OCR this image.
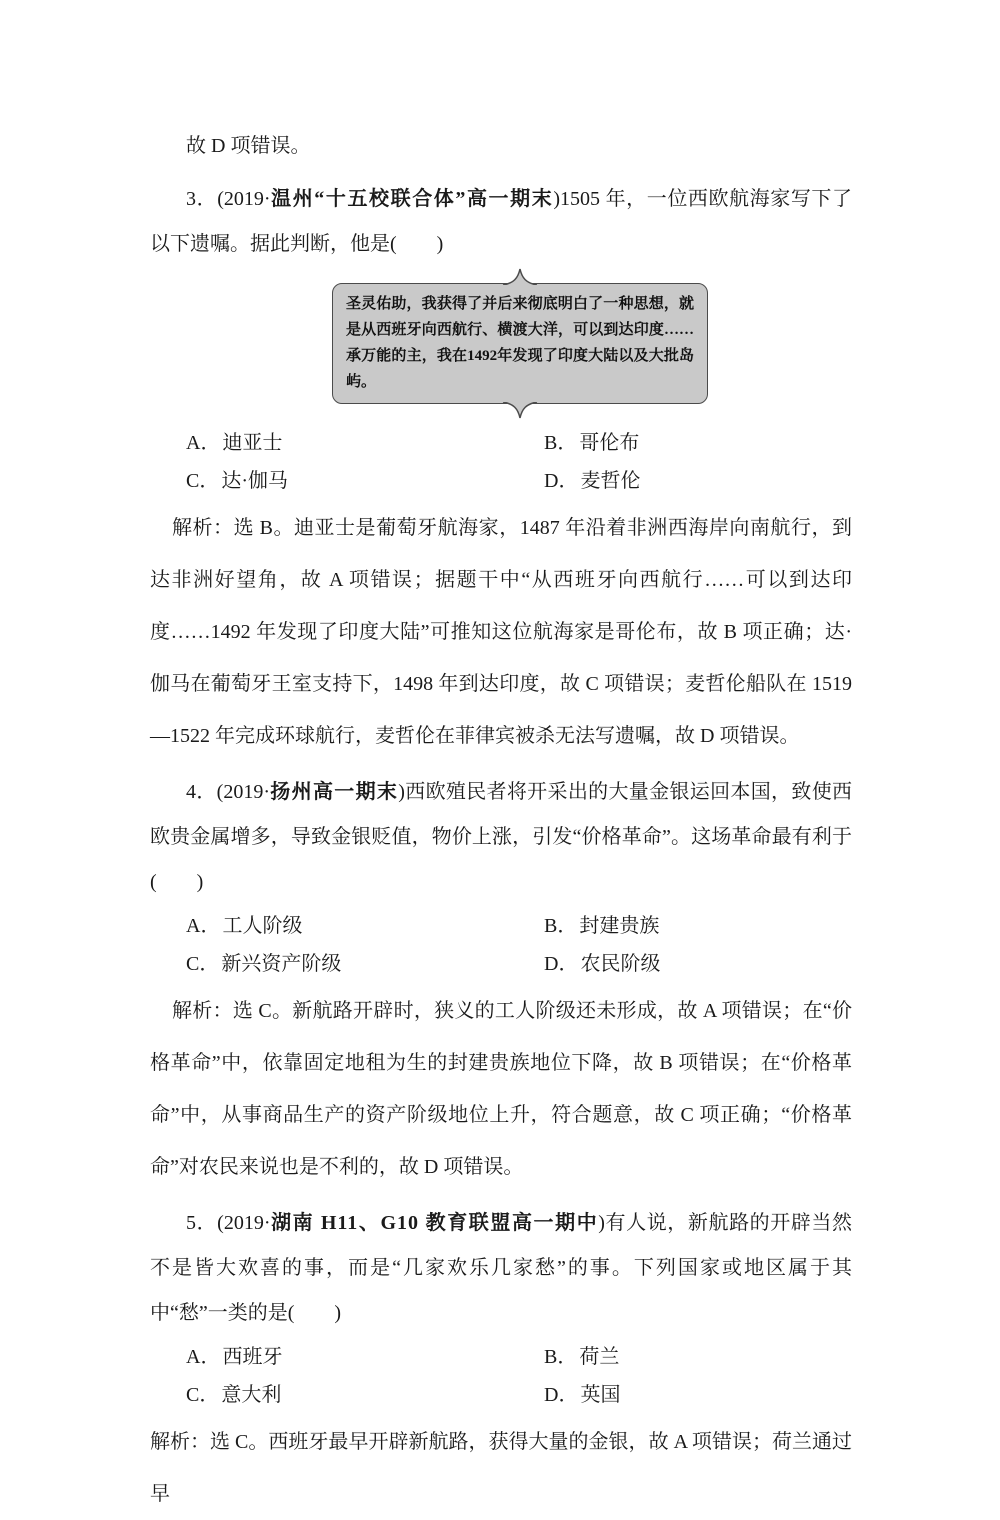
故 D 项错误。

3．(2019·温州“十五校联合体”高一期末)1505 年，一位西欧航海家写下了以下遗嘱。据此判断，他是(　　)

圣灵佑助，我获得了并后来彻底明白了一种思想，就是从西班牙向西航行、横渡大洋，可以到达印度……承万能的主，我在1492年发现了印度大陆以及大批岛屿。

A． 迪亚士	B． 哥伦布
C． 达·伽马	D． 麦哲伦

解析：选 B。迪亚士是葡萄牙航海家，1487 年沿着非洲西海岸向南航行，到达非洲好望角，故 A 项错误；据题干中“从西班牙向西航行……可以到达印度……1492 年发现了印度大陆”可推知这位航海家是哥伦布，故 B 项正确；达·伽马在葡萄牙王室支持下，1498 年到达印度，故 C 项错误；麦哲伦船队在 1519—1522 年完成环球航行，麦哲伦在菲律宾被杀无法写遗嘱，故 D 项错误。

4．(2019·扬州高一期末)西欧殖民者将开采出的大量金银运回本国，致使西欧贵金属增多，导致金银贬值，物价上涨，引发“价格革命”。这场革命最有利于(　　)

A． 工人阶级	B． 封建贵族
C． 新兴资产阶级	D． 农民阶级

解析：选 C。新航路开辟时，狭义的工人阶级还未形成，故 A 项错误；在“价格革命”中，依靠固定地租为生的封建贵族地位下降，故 B 项错误；在“价格革命”中，从事商品生产的资产阶级地位上升，符合题意，故 C 项正确；“价格革命”对农民来说也是不利的，故 D 项错误。

5．(2019·湖南 H11、G10 教育联盟高一期中)有人说，新航路的开辟当然不是皆大欢喜的事，而是“几家欢乐几家愁”的事。下列国家或地区属于其中“愁”一类的是(　　)

A． 西班牙	B． 荷兰
C． 意大利	D． 英国

解析：选 C。西班牙最早开辟新航路，获得大量的金银，故 A 项错误；荷兰通过早
